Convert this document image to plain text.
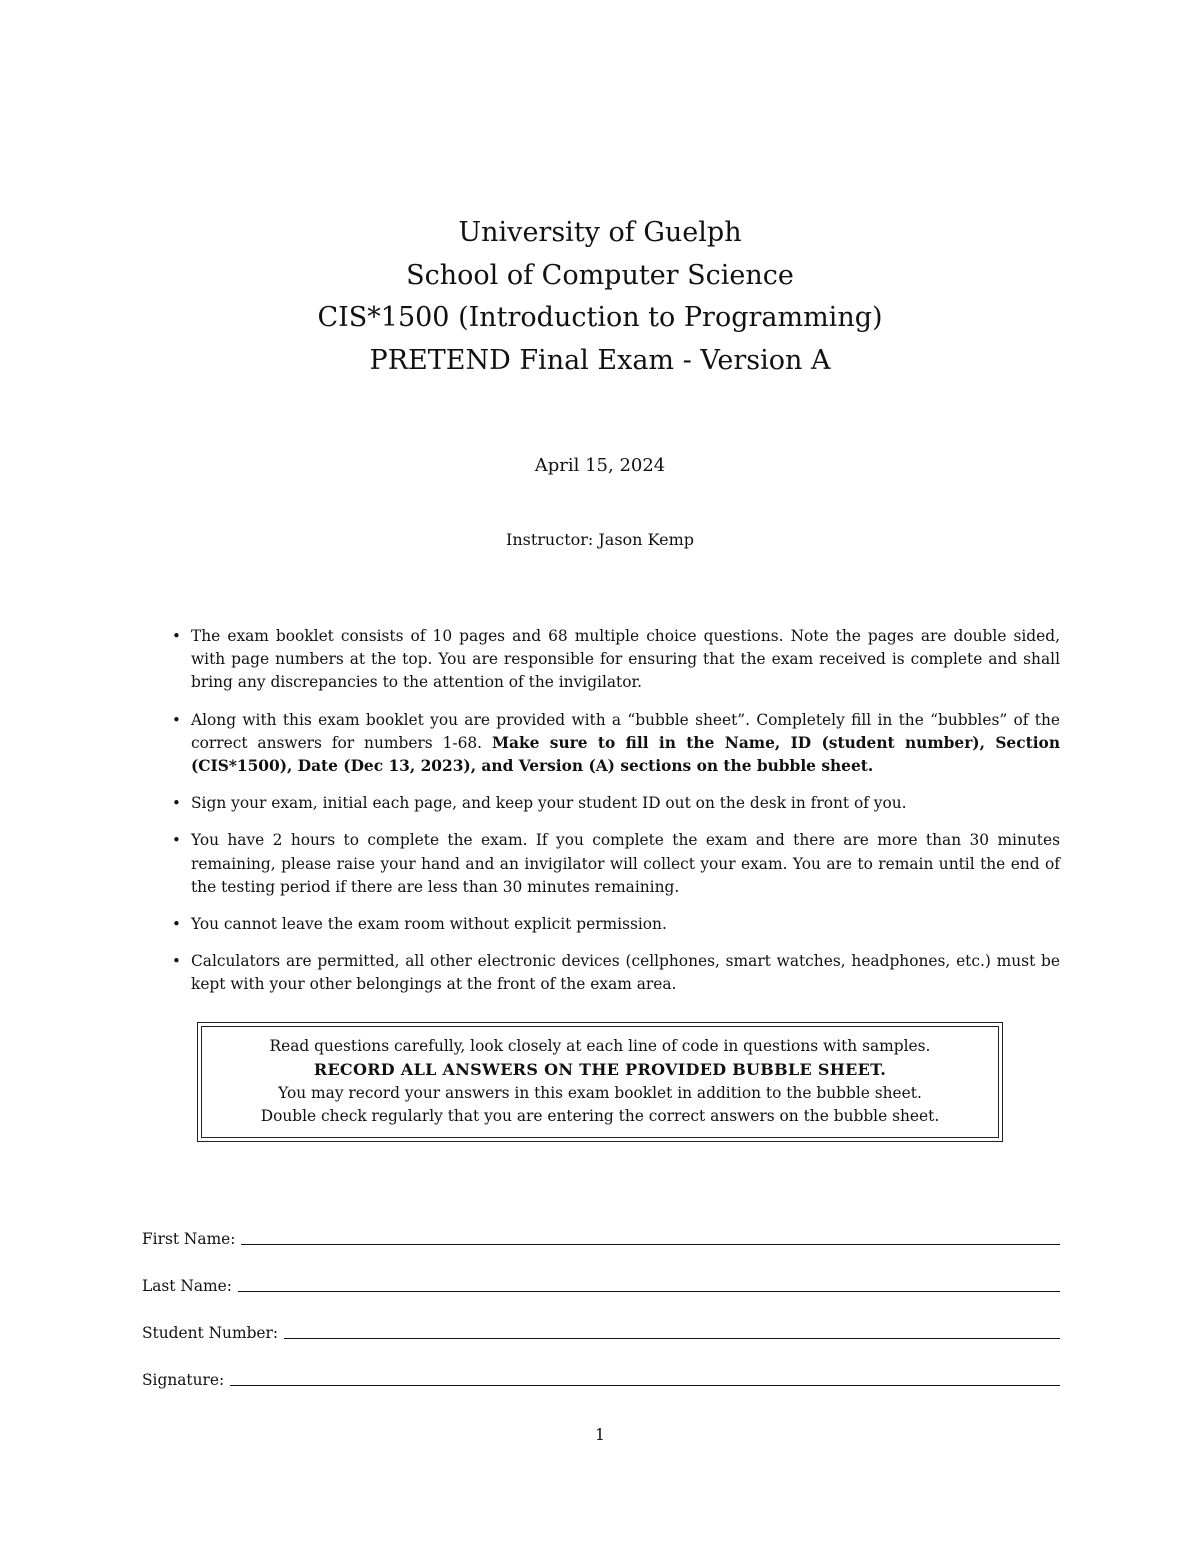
University of Guelph
School of Computer Science
CIS*1500 (Introduction to Programming)
PRETEND Final Exam - Version A
April 15, 2024
Instructor: Jason Kemp
• The exam booklet consists of 10 pages and 68 multiple choice questions. Note the pages are double sided, with page numbers at the top. You are responsible for ensuring that the exam received is complete and shall bring any discrepancies to the attention of the invigilator.
• Along with this exam booklet you are provided with a “bubble sheet”. Completely fill in the “bubbles” of the correct answers for numbers 1-68. Make sure to fill in the Name, ID (student number), Section (CIS*1500), Date (Dec 13, 2023), and Version (A) sections on the bubble sheet.
• Sign your exam, initial each page, and keep your student ID out on the desk in front of you.
• You have 2 hours to complete the exam. If you complete the exam and there are more than 30 minutes remaining, please raise your hand and an invigilator will collect your exam. You are to remain until the end of the testing period if there are less than 30 minutes remaining.
• You cannot leave the exam room without explicit permission.
• Calculators are permitted, all other electronic devices (cellphones, smart watches, headphones, etc.) must be kept with your other belongings at the front of the exam area.
Read questions carefully, look closely at each line of code in questions with samples.
RECORD ALL ANSWERS ON THE PROVIDED BUBBLE SHEET.
You may record your answers in this exam booklet in addition to the bubble sheet.
Double check regularly that you are entering the correct answers on the bubble sheet.
First Name:
Last Name:
Student Number:
Signature:
1
